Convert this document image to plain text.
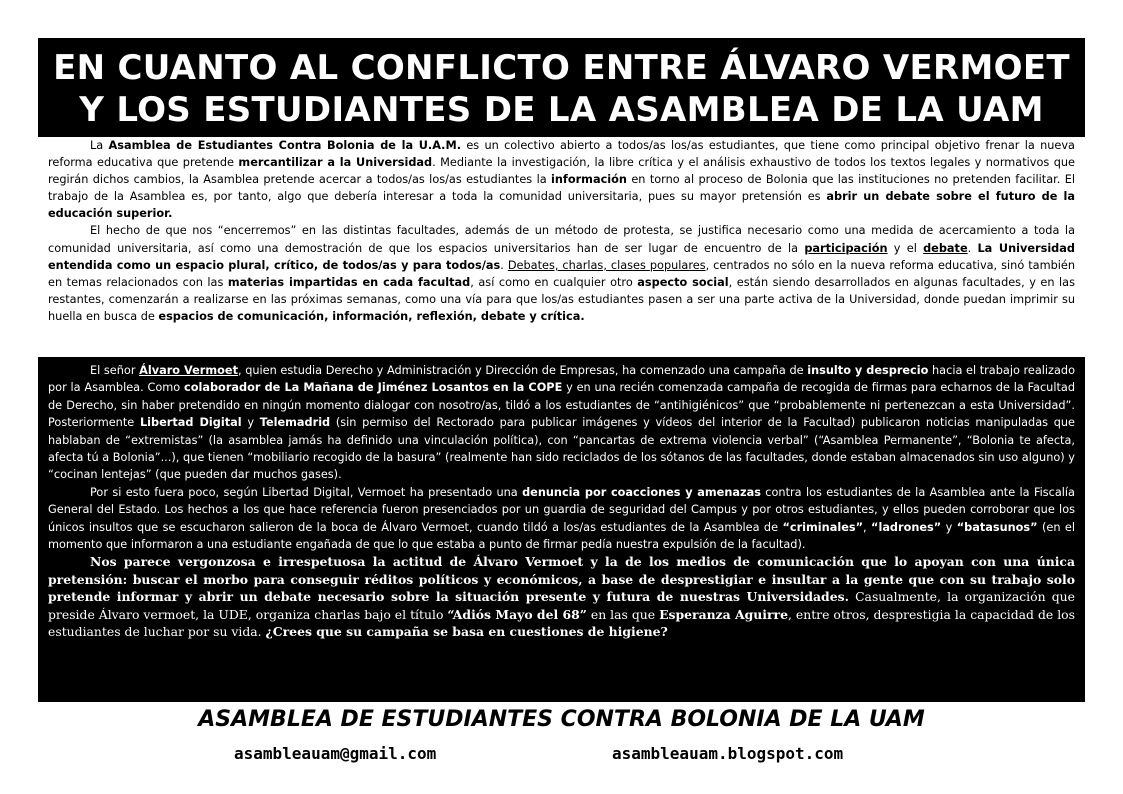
EN CUANTO AL CONFLICTO ENTRE ÁLVARO VERMOET
Y LOS ESTUDIANTES DE LA ASAMBLEA DE LA UAM

La Asamblea de Estudiantes Contra Bolonia de la U.A.M. es un colectivo abierto a todos/as los/as estudiantes, que tiene como principal objetivo frenar la nueva reforma educativa que pretende mercantilizar a la Universidad. Mediante la investigación, la libre crítica y el análisis exhaustivo de todos los textos legales y normativos que regirán dichos cambios, la Asamblea pretende acercar a todos/as los/as estudiantes la información en torno al proceso de Bolonia que las instituciones no pretenden facilitar. El trabajo de la Asamblea es, por tanto, algo que debería interesar a toda la comunidad universitaria, pues su mayor pretensión es abrir un debate sobre el futuro de la educación superior.

El hecho de que nos “encerremos” en las distintas facultades, además de un método de protesta, se justifica necesario como una medida de acercamiento a toda la comunidad universitaria, así como una demostración de que los espacios universitarios han de ser lugar de encuentro de la participación y el debate. La Universidad entendida como un espacio plural, crítico, de todos/as y para todos/as. Debates, charlas, clases populares, centrados no sólo en la nueva reforma educativa, sinó también en temas relacionados con las materias impartidas en cada facultad, así como en cualquier otro aspecto social, están siendo desarrollados en algunas facultades, y en las restantes, comenzarán a realizarse en las próximas semanas, como una vía para que los/as estudiantes pasen a ser una parte activa de la Universidad, donde puedan imprimir su huella en busca de espacios de comunicación, información, reflexión, debate y crítica.

El señor Álvaro Vermoet, quien estudia Derecho y Administración y Dirección de Empresas, ha comenzado una campaña de insulto y desprecio hacia el trabajo realizado por la Asamblea. Como colaborador de La Mañana de Jiménez Losantos en la COPE y en una recién comenzada campaña de recogida de firmas para echarnos de la Facultad de Derecho, sin haber pretendido en ningún momento dialogar con nosotro/as, tildó a los estudiantes de “antihigiénicos” que “probablemente ni pertenezcan a esta Universidad”. Posteriormente Libertad Digital y Telemadrid (sin permiso del Rectorado para publicar imágenes y vídeos del interior de la Facultad) publicaron noticias manipuladas que hablaban de “extremistas” (la asamblea jamás ha definido una vinculación política), con “pancartas de extrema violencia verbal” (“Asamblea Permanente”, “Bolonia te afecta, afecta tú a Bolonia”...), que tienen “mobiliario recogido de la basura” (realmente han sido reciclados de los sótanos de las facultades, donde estaban almacenados sin uso alguno) y “cocinan lentejas” (que pueden dar muchos gases).

Por si esto fuera poco, según Libertad Digital, Vermoet ha presentado una denuncia por coacciones y amenazas contra los estudiantes de la Asamblea ante la Fiscalía General del Estado. Los hechos a los que hace referencia fueron presenciados por un guardia de seguridad del Campus y por otros estudiantes, y ellos pueden corroborar que los únicos insultos que se escucharon salieron de la boca de Álvaro Vermoet, cuando tildó a los/as estudiantes de la Asamblea de “criminales”, “ladrones” y “batasunos” (en el momento que informaron a una estudiante engañada de que lo que estaba a punto de firmar pedía nuestra expulsión de la facultad).

Nos parece vergonzosa e irrespetuosa la actitud de Álvaro Vermoet y la de los medios de comunicación que lo apoyan con una única pretensión: buscar el morbo para conseguir réditos políticos y económicos, a base de desprestigiar e insultar a la gente que con su trabajo solo pretende informar y abrir un debate necesario sobre la situación presente y futura de nuestras Universidades. Casualmente, la organización que preside Álvaro vermoet, la UDE, organiza charlas bajo el título “Adiós Mayo del 68” en las que Esperanza Aguirre, entre otros, desprestigia la capacidad de los estudiantes de luchar por su vida. ¿Crees que su campaña se basa en cuestiones de higiene?

ASAMBLEA DE ESTUDIANTES CONTRA BOLONIA DE LA UAM
asambleauam@gmail.com	asambleauam.blogspot.com
